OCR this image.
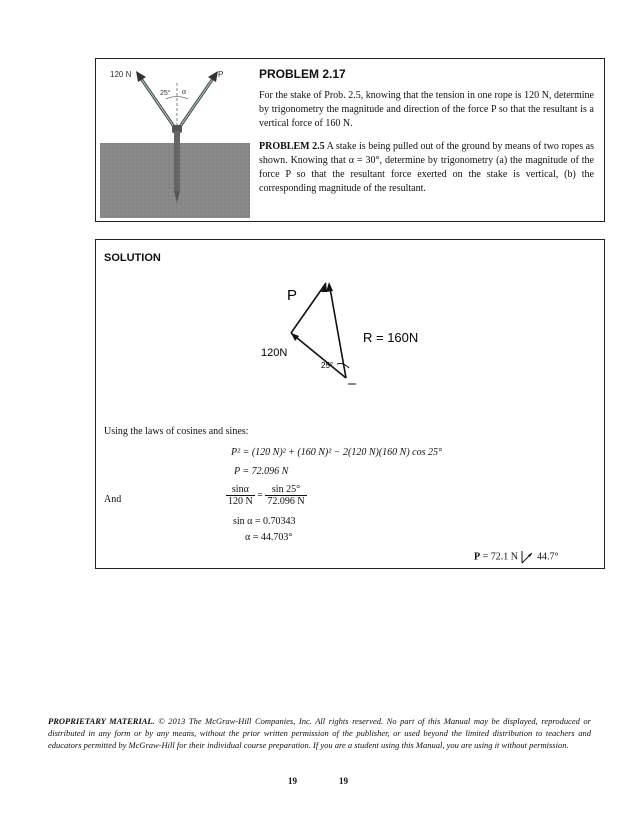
120 N
25° α
P	PROBLEM 2.17
For the stake of Prob. 2.5, knowing that the tension in one rope is 120 N, determine by trigonometry the magnitude and direction of the force P so that the resultant is a vertical force of 160 N.
PROBLEM 2.5 A stake is being pulled out of the ground by means of two ropes as shown. Knowing that α = 30°, determine by trigonometry (a) the magnitude of the force P so that the resultant force exerted on the stake is vertical, (b) the corresponding magnitude of the resultant.
SOLUTION
P
120N
R = 160N
25°
Using the laws of cosines and sines:
P² = (120 N)² + (160 N)² − 2(120 N)(160 N) cos 25°
P = 72.096 N
And	$\frac{\sin\alpha}{120 N} = \frac{\sin 25^\circ}{72.096 N}$
sin α = 0.70343
α = 44.703°
P = 72.1 N 44.7°
PROPRIETARY MATERIAL. © 2013 The McGraw-Hill Companies, Inc. All rights reserved. No part of this Manual may be displayed, reproduced or distributed in any form or by any means, without the prior written permission of the publisher, or used beyond the limited distribution to teachers and educators permitted by McGraw-Hill for their individual course preparation. If you are a student using this Manual, you are using it without permission.
19	19
